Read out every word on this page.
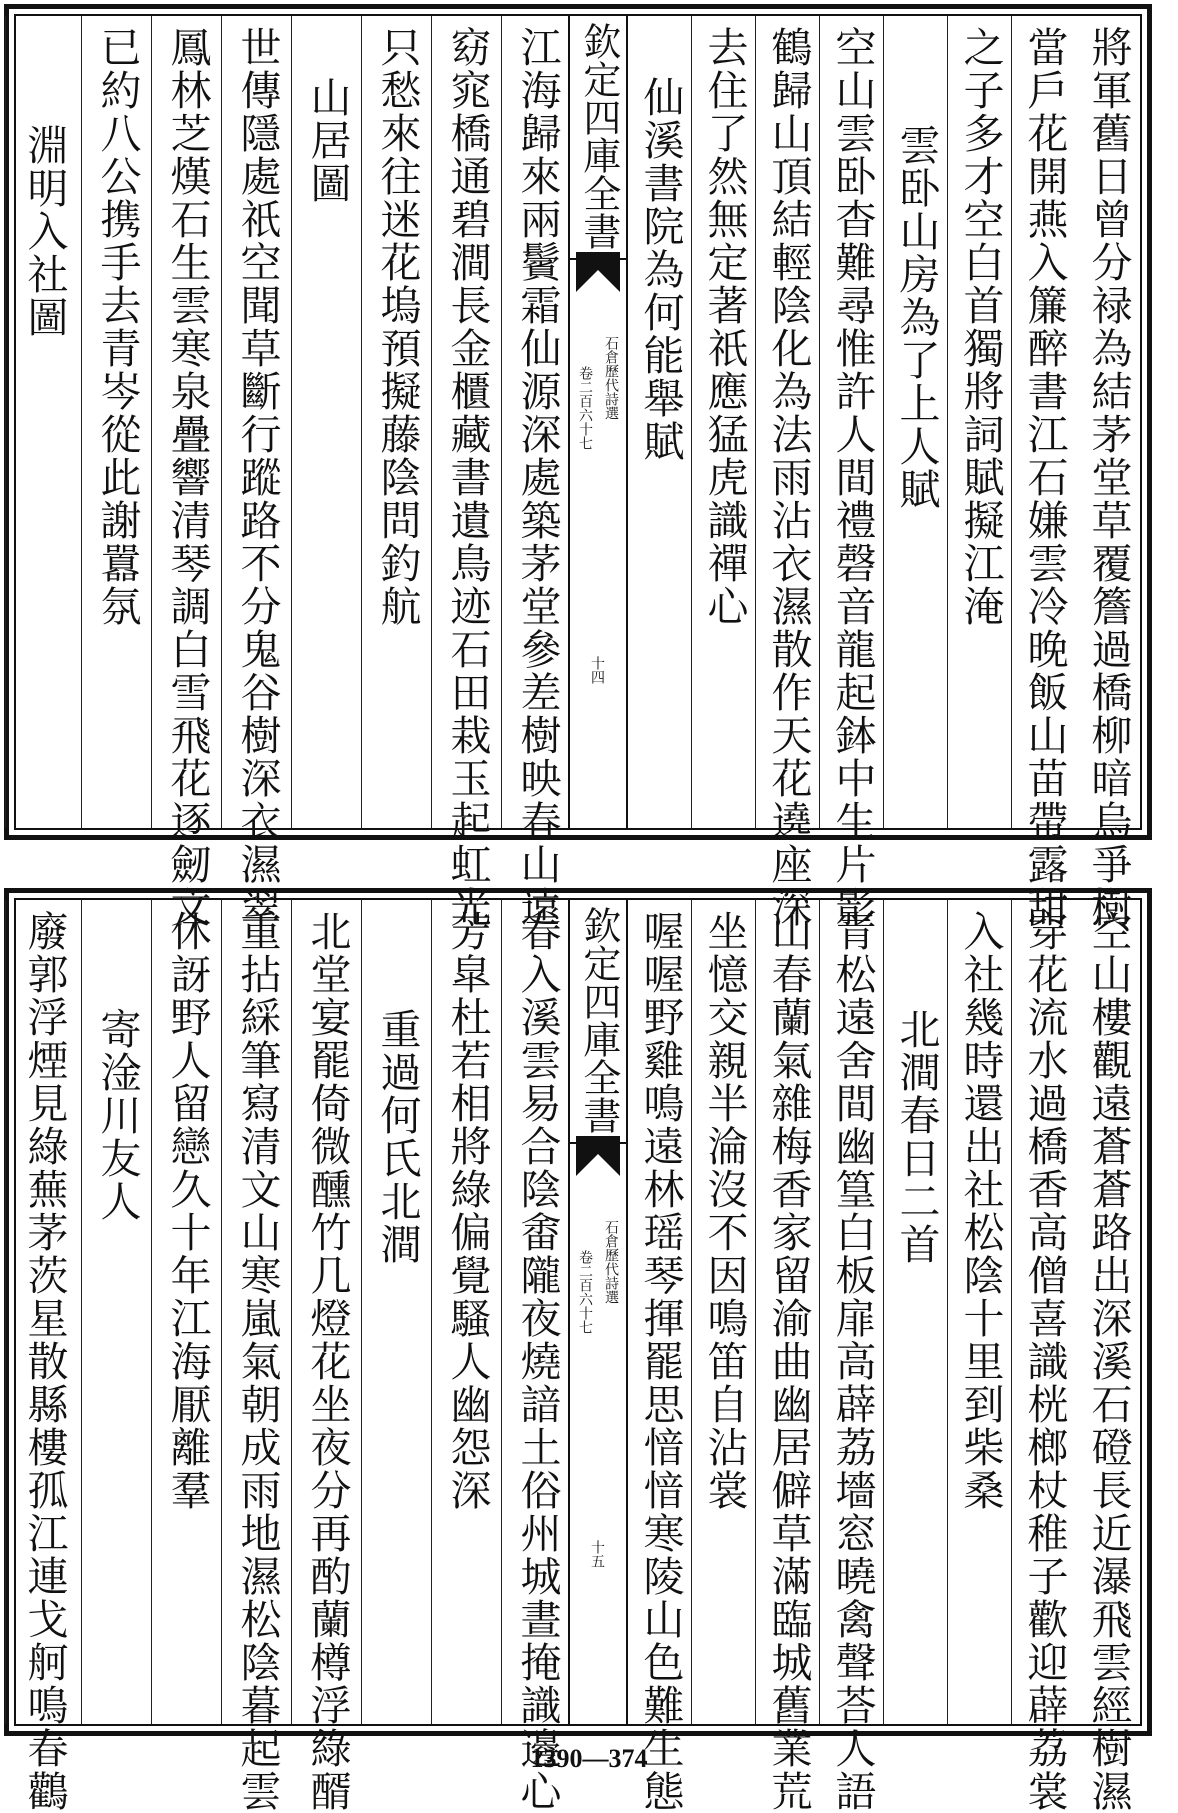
將軍舊日曾分䘵為結茅堂草覆簷過橋柳暗烏爭樹
當戶花開燕入簾醉書江石嫌雲冷晚飯山苗帶露甜
之子多才空白首獨將詞賦擬江淹
雲卧山房為了上人賦
空山雲卧杳難尋惟許人間禮磬音龍起鉢中生片影
鶴歸山頂結輕陰化為法雨沾衣濕散作天花遶座深
去住了然無定著祇應猛虎識禪心
仙溪書院為何能舉賦
欽定四庫全書
石倉歷代詩選
卷二百六十七
十四
江海歸來兩鬢霜仙源深處築茅堂參差樹映春山遠
窈窕橋通碧澗長金櫃藏書遺鳥迹石田栽玉起虹光
只愁來往迷花塢預擬藤陰問釣航
山居圖
世傳隱處祇空聞草斷行蹤路不分鬼谷樹深衣濕翠
鳳林芝熯石生雲寒泉疊響清琴調白雪飛花逐劒文
已約八公携手去青岑從此謝囂氛
淵明入社圖
空山樓觀遠蒼蒼路出深溪石磴長近瀑飛雲經樹濕
穿花流水過橋香高僧喜識桄榔杖稚子歡迎薜荔裳
入社幾時還出社松陰十里到柴桑
北澗春日二首
青松遠舍間幽篁白板扉高薜荔墻窓曉禽聲荅人語
山春蘭氣雜梅香家留渝曲幽居僻草滿臨城舊業荒
坐憶交親半淪沒不因鳴笛自沾裳
喔喔野雞鳴遠林瑶琴揮罷思愔愔寒陵山色難生態
欽定四庫全書
石倉歷代詩選
卷二百六十七
十五
春入溪雲易合陰畬隴夜燒諳土俗州城晝掩識邊心
芳皐杜若相將綠偏覺騷人幽怨深
重過何氏北澗
北堂宴罷倚微醺竹几燈花坐夜分再酌蘭樽浮綠醑
重拈綵筆寫清文山寒嵐氣朝成雨地濕松陰暮起雲
休訝野人留戀久十年江海厭離羣
寄淦川友人
廢郭浮煙見綠蕪茅茨星散縣樓孤江連戈舸鳴春鸛	1390—374
